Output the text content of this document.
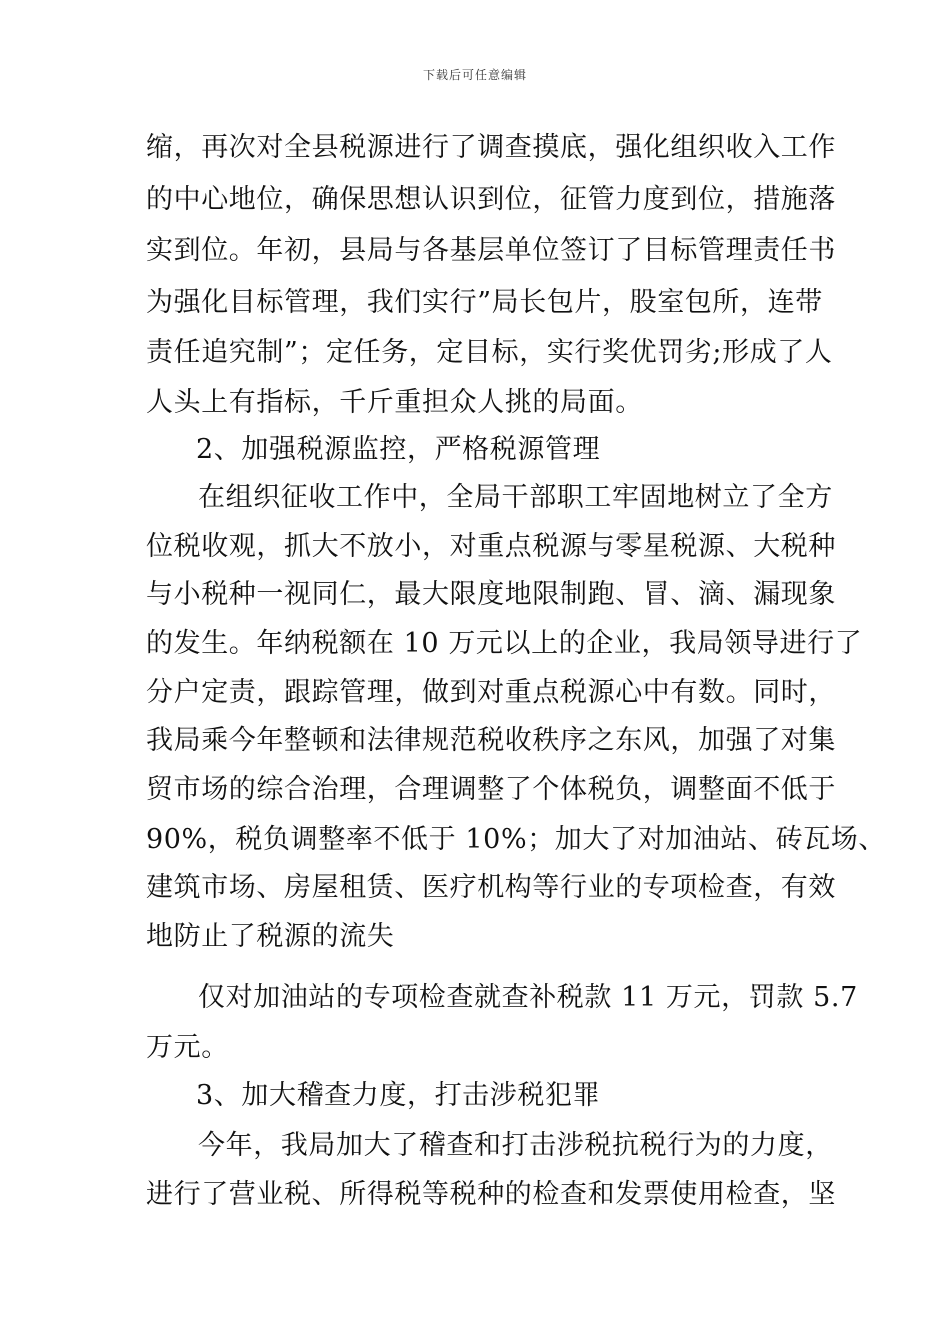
下载后可任意编辑
缩，再次对全县税源进行了调查摸底，强化组织收入工作
的中心地位，确保思想认识到位，征管力度到位，措施落
实到位。年初，县局与各基层单位签订了目标管理责任书
为强化目标管理，我们实行”局长包片，股室包所，连带
责任追究制”；定任务，定目标，实行奖优罚劣;形成了人
人头上有指标，千斤重担众人挑的局面。
2、加强税源监控，严格税源管理
在组织征收工作中，全局干部职工牢固地树立了全方
位税收观，抓大不放小，对重点税源与零星税源、大税种
与小税种一视同仁，最大限度地限制跑、冒、滴、漏现象
的发生。年纳税额在 10 万元以上的企业，我局领导进行了
分户定责，跟踪管理，做到对重点税源心中有数。同时，
我局乘今年整顿和法律规范税收秩序之东风，加强了对集
贸市场的综合治理，合理调整了个体税负，调整面不低于
90%，税负调整率不低于 10%；加大了对加油站、砖瓦场、
建筑市场、房屋租赁、医疗机构等行业的专项检查，有效
地防止了税源的流失
仅对加油站的专项检查就查补税款 11 万元，罚款 5.7
万元。
3、加大稽查力度，打击涉税犯罪
今年，我局加大了稽查和打击涉税抗税行为的力度，
进行了营业税、所得税等税种的检查和发票使用检查，坚
